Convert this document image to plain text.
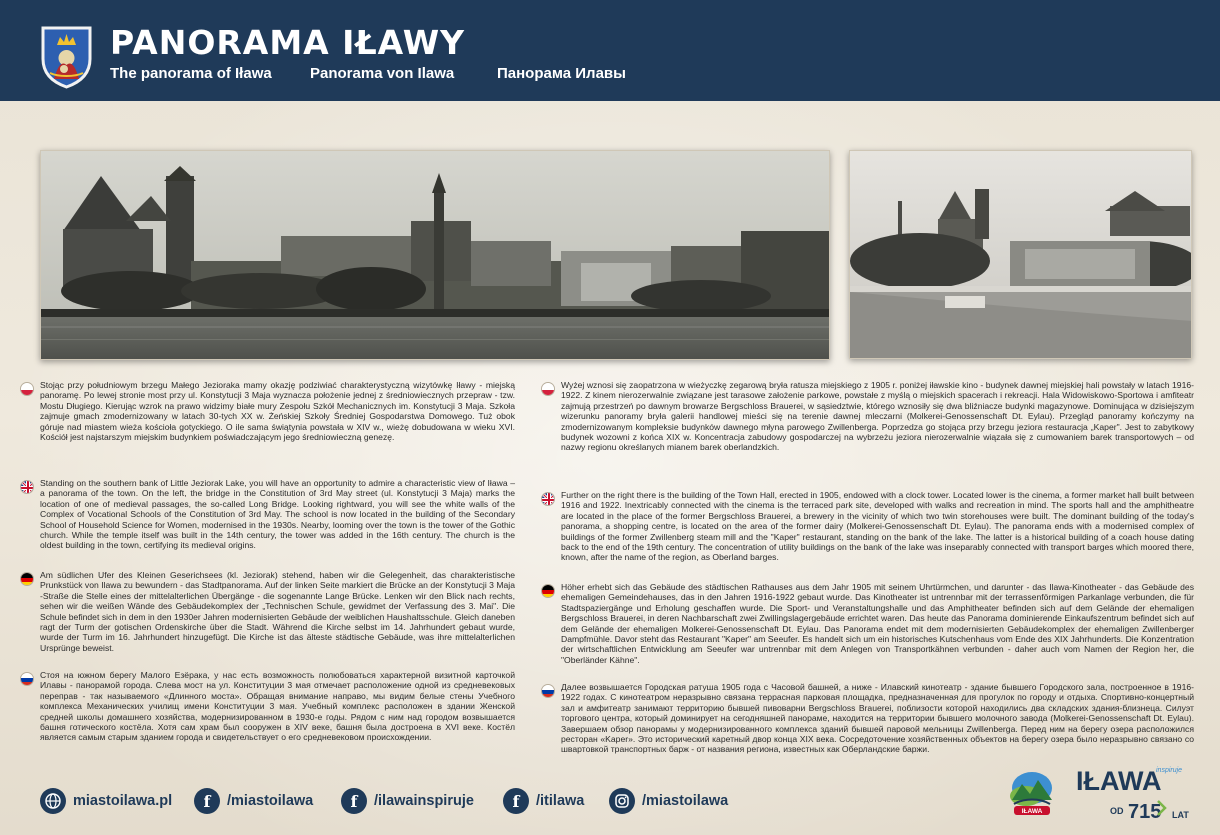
PANORAMA IŁAWY
The panorama of Iława	Panorama von Ilawa	Панорама Илавы

Stojąc przy południowym brzegu Małego Jezioraka mamy okazję podziwiać charakterystyczną wizytówkę Iławy - miejską panoramę. Po lewej stronie most przy ul. Konstytucji 3 Maja wyznacza położenie jednej z średniowiecznych przepraw - tzw. Mostu Długiego. Kierując wzrok na prawo widzimy białe mury Zespołu Szkół Mechanicznych im. Konstytucji 3 Maja. Szkoła zajmuje gmach zmodernizowany w latach 30-tych XX w. Żeńskiej Szkoły Średniej Gospodarstwa Domowego. Tuż obok góruje nad miastem wieża kościoła gotyckiego. O ile sama świątynia powstała w XIV w., wieżę dobudowana w wieku XVI. Kościół jest najstarszym miejskim budynkiem poświadczającym jego średniowieczną genezę.

Standing on the southern bank of Little Jeziorak Lake, you will have an opportunity to admire a characteristic view of Iława – a panorama of the town. On the left, the bridge in the Constitution of 3rd May street (ul. Konstytucji 3 Maja) marks the location of one of medieval passages, the so-called Long Bridge. Looking rightward, you will see the white walls of the Complex of Vocational Schools of the Constitution of 3rd May. The school is now located in the building of the Secondary School of Household Science for Women, modernised in the 1930s. Nearby, looming over the town is the tower of the Gothic church. While the temple itself was built in the 14th century, the tower was added in the 16th century. The church is the oldest building in the town, certifying its medieval origins.

Am südlichen Ufer des Kleinen Geserichsees (kl. Jeziorak) stehend, haben wir die Gelegenheit, das charakteristische Prunkstück von Ilawa zu bewundern - das Stadtpanorama. Auf der linken Seite markiert die Brücke an der Konstytucji 3 Maja -Straße die Stelle eines der mittelalterlichen Übergänge - die sogenannte Lange Brücke. Lenken wir den Blick nach rechts, sehen wir die weißen Wände des Gebäudekomplex der „Technischen Schule, gewidmet der Verfassung des 3. Mai". Die Schule befindet sich in dem in den 1930er Jahren modernisierten Gebäude der weiblichen Haushaltsschule. Gleich daneben ragt der Turm der gotischen Ordenskirche über die Stadt. Während die Kirche selbst im 14. Jahrhundert gebaut wurde, wurde der Turm im 16. Jahrhundert hinzugefügt. Die Kirche ist das älteste städtische Gebäude, was ihre mittelalterlichen Ursprünge beweist.

Стоя на южном берегу Малого Езёрака, у нас есть возможность полюбоваться характерной визитной карточкой Илавы - панорамой города. Слева мост на ул. Конституции 3 мая отмечает расположение одной из средневековых переправ - так называемого «Длинного моста». Обращая внимание направо, мы видим белые стены Учебного комплекса Механических училищ имени Конституции 3 мая. Учебный комплекс расположен в здании Женской средней школы домашнего хозяйства, модернизированном в 1930-е годы. Рядом с ним над городом возвышается башня готического костёла. Хотя сам храм был сооружен в XIV веке, башня была достроена в XVI веке. Костёл является самым старым зданием города и свидетельствует о его средневековом происхождении.

Wyżej wznosi się zaopatrzona w wieżyczkę zegarową bryła ratusza miejskiego z 1905 r. poniżej iławskie kino - budynek dawnej miejskiej hali powstały w latach 1916-1922. Z kinem nierozerwalnie związane jest tarasowe założenie parkowe, powstałe z myślą o miejskich spacerach i rekreacji. Hala Widowiskowo-Sportowa i amfiteatr zajmują przestrzeń po dawnym browarze Bergschloss Brauerei, w sąsiedztwie, którego wznosiły się dwa bliźniacze budynki magazynowe. Dominująca w dzisiejszym wizerunku panoramy bryła galerii handlowej mieści się na terenie dawnej mleczarni (Molkerei-Genossenschaft Dt. Eylau). Przegląd panoramy kończymy na zmodernizowanym kompleksie budynków dawnego młyna parowego Zwillenberga. Poprzedza go stojąca przy brzegu jeziora restauracja „Kaper". Jest to zabytkowy budynek wozowni z końca XIX w. Koncentracja zabudowy gospodarczej na wybrzeżu jeziora nierozerwalnie wiązała się z cumowaniem barek transportowych – od nazwy regionu określanych mianem barek oberlandzkich.

Further on the right there is the building of the Town Hall, erected in 1905, endowed with a clock tower. Located lower is the cinema, a former market hall built between 1916 and 1922. Inextricably connected with the cinema is the terraced park site, developed with walks and recreation in mind. The sports hall and the amphitheatre are located in the place of the former Bergschloss Brauerei, a brewery in the vicinity of which two twin storehouses were built. The dominant building of the today's panorama, a shopping centre, is located on the area of the former dairy (Molkerei-Genossenschaft Dt. Eylau). The panorama ends with a modernised complex of buildings of the former Zwillenberg steam mill and the "Kaper" restaurant, standing on the bank of the lake. The latter is a historical building of a coach house dating back to the end of the 19th century. The concentration of utility buildings on the bank of the lake was inseparably connected with transport barges which moored there, known, after the name of the region, as Oberland barges.

Höher erhebt sich das Gebäude des städtischen Rathauses aus dem Jahr 1905 mit seinem Uhrtürmchen, und darunter - das Ilawa-Kinotheater - das Gebäude des ehemaligen Gemeindehauses, das in den Jahren 1916-1922 gebaut wurde. Das Kinotheater ist untrennbar mit der terrassenförmigen Parkanlage verbunden, die für Stadtspaziergänge und Erholung geschaffen wurde. Die Sport- und Veranstaltungshalle und das Amphitheater befinden sich auf dem Gelände der ehemaligen Bergschloss Brauerei, in deren Nachbarschaft zwei Zwillingslagergebäude errichtet waren. Das heute das Panorama dominierende Einkaufszentrum befindet sich auf dem Gelände der ehemaligen Molkerei-Genossenschaft Dt. Eylau. Das Panorama endet mit dem modernisierten Gebäudekomplex der ehemaligen Zwillenberger Dampfmühle. Davor steht das Restaurant "Kaper" am Seeufer. Es handelt sich um ein historisches Kutschenhaus vom Ende des XIX Jahrhunderts. Die Konzentration der wirtschaftlichen Entwicklung am Seeufer war untrennbar mit dem Anlegen von Transportkähnen verbunden - daher auch vom Namen der Region her, die "Oberländer Kähne".

Далее возвышается Городская ратуша 1905 года с Часовой башней, а ниже - Илавский кинотеатр - здание бывшего Городского зала, построенное в 1916-1922 годах. С кинотеатром неразрывно связана террасная парковая площадка, предназначенная для прогулок по городу и отдыха. Спортивно-концертный зал и амфитеатр занимают территорию бывшей пивоварни Bergschloss Brauerei, поблизости которой находились два складских здания-близнеца. Силуэт торгового центра, который доминирует на сегодняшней панораме, находится на территории бывшего молочного завода (Molkerei-Genossenschaft Dt. Eylau). Завершаем обзор панорамы у модернизированного комплекса зданий бывшей паровой мельницы Zwillenberga. Перед ним на берегу озера расположился ресторан «Kaper». Это исторический каретный двор конца XIX века. Сосредоточение хозяйственных объектов на берегу озера было неразрывно связано со швартовкой транспортных барж - от названия региона, известных как Оберландские баржи.

miastoilawa.pl	f	/miastoilawa	f	/ilawainspiruje	f	/itilawa	/miastoilawa
IŁAWA
IŁAWA
inspiruje
OD 715 LAT
